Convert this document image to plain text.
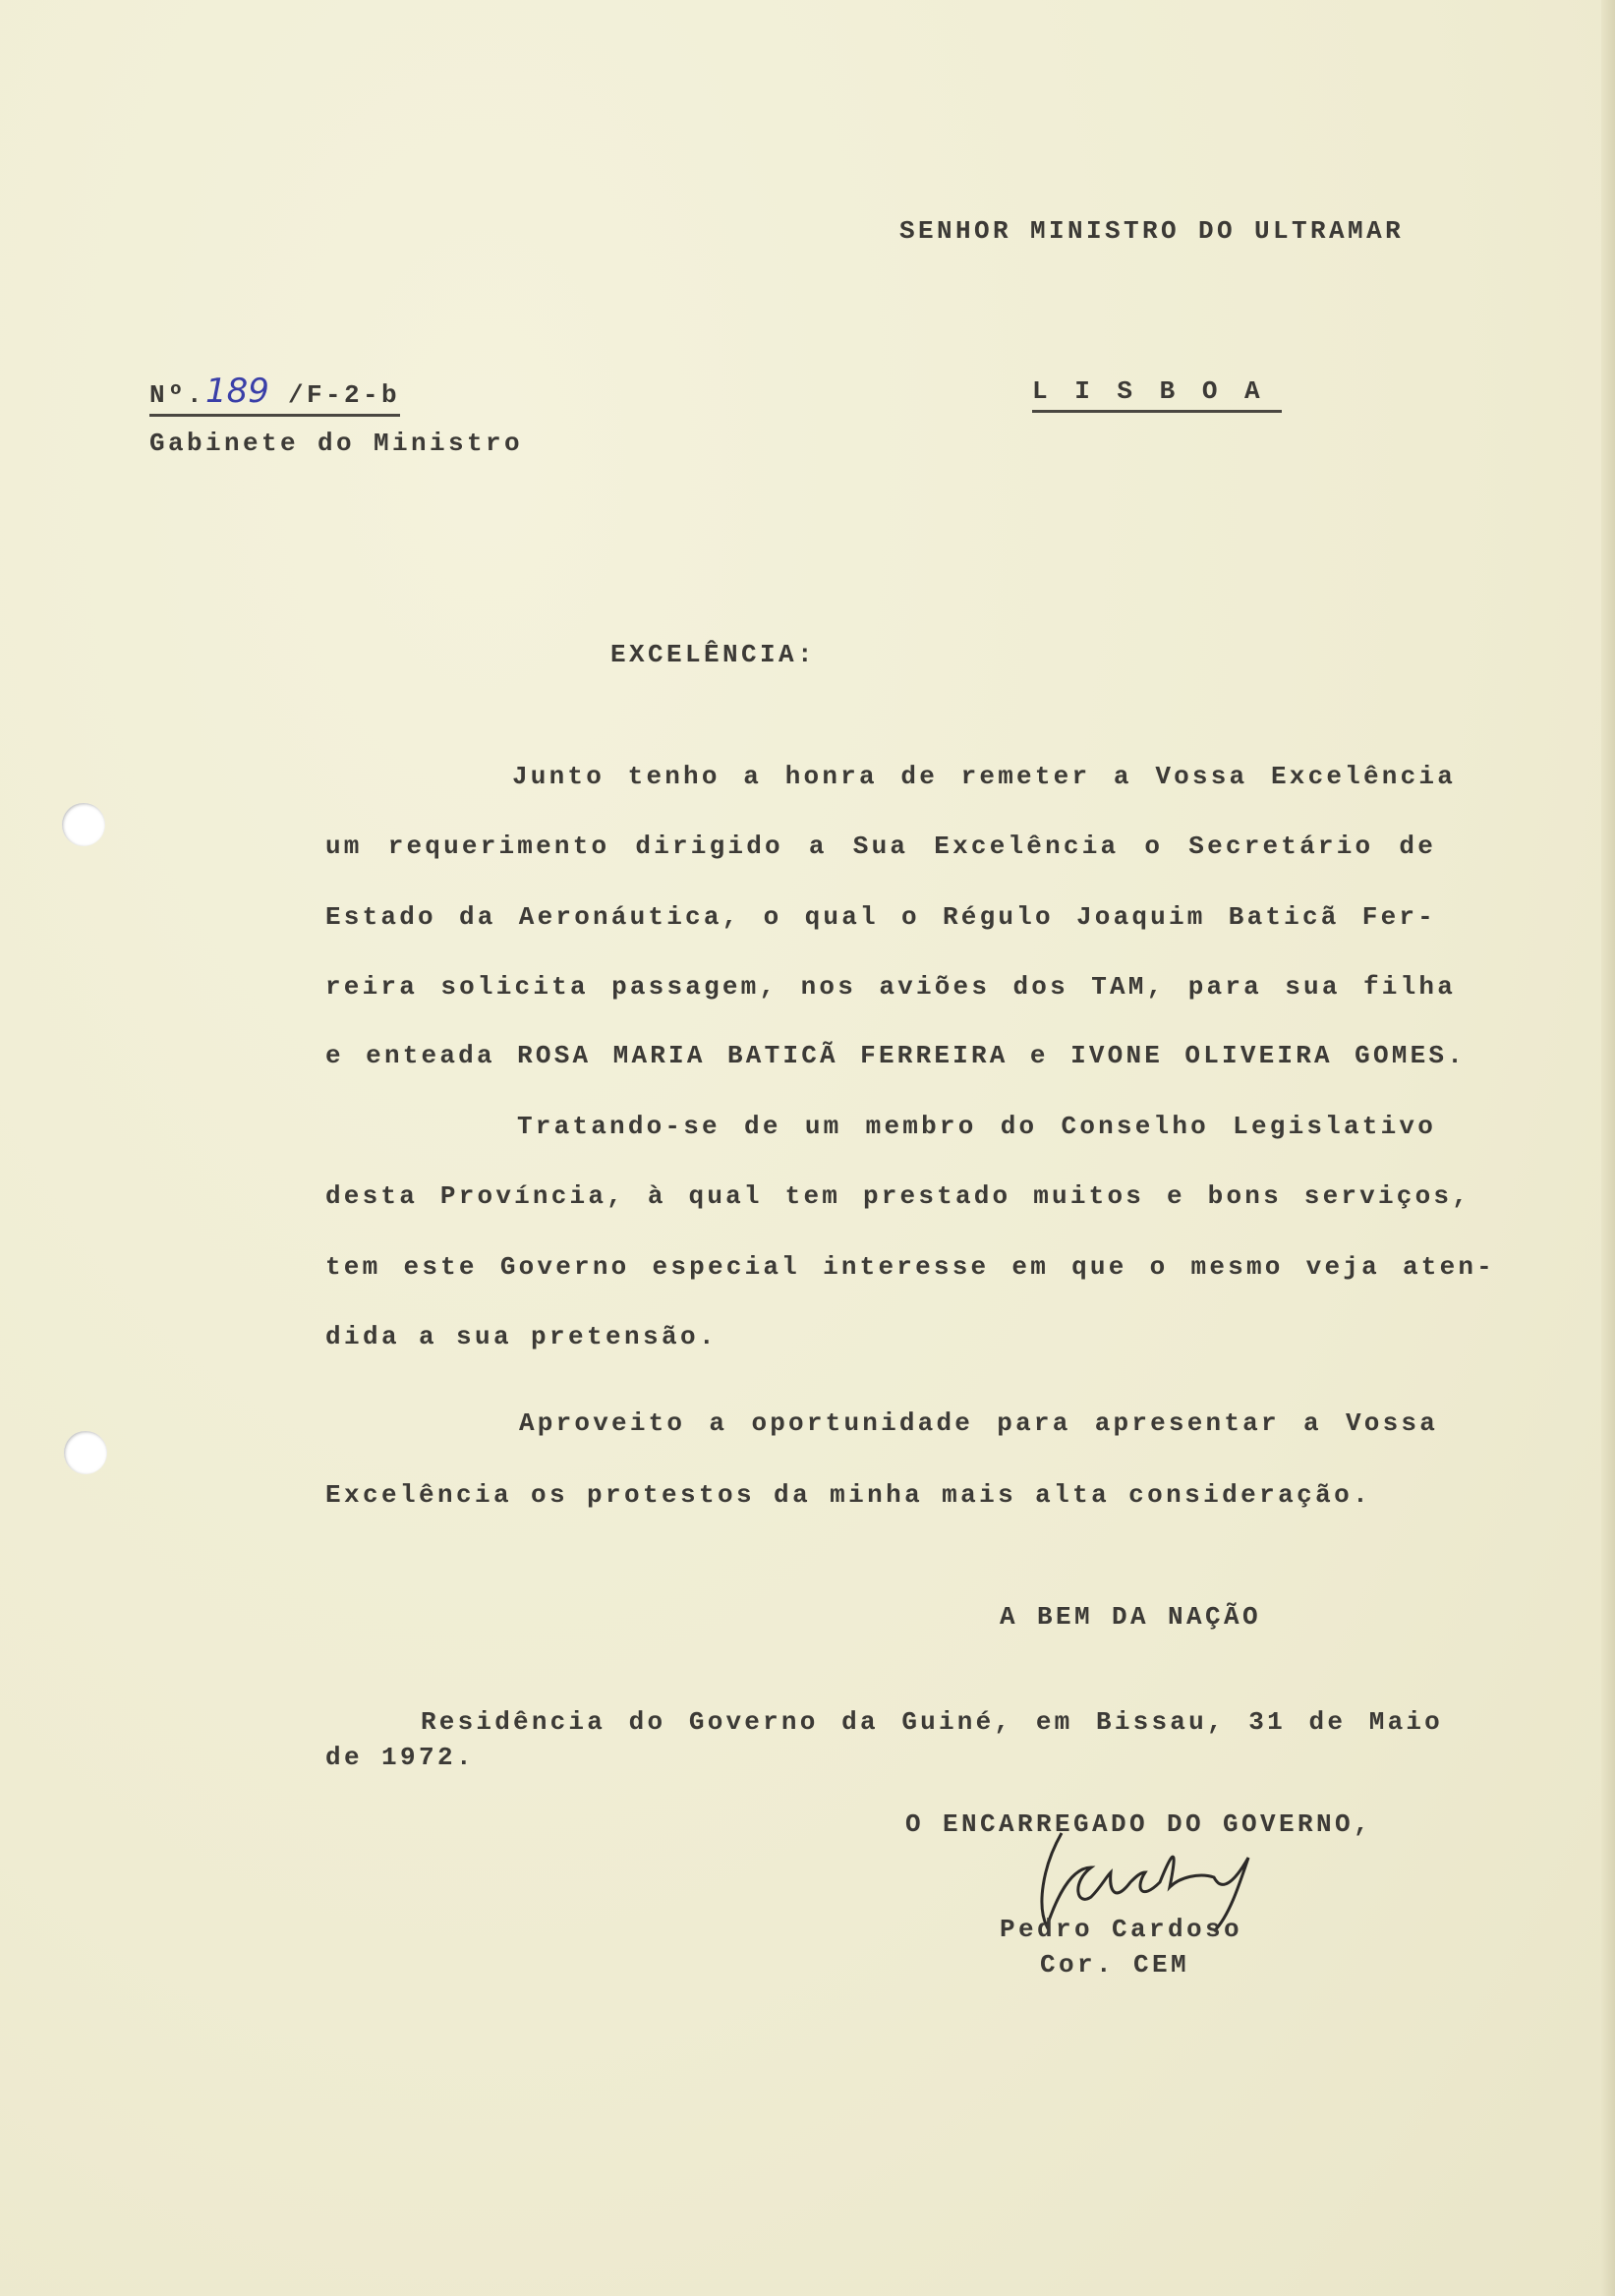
SENHOR MINISTRO DO ULTRAMAR
Nº.189 /F-2-b	L I S B O A
Gabinete do Ministro
EXCELÊNCIA:
Junto tenho a honra de remeter a Vossa Excelência
um requerimento dirigido a Sua Excelência o Secretário de
Estado da Aeronáutica, o qual o Régulo Joaquim Baticã Fer-
reira solicita passagem, nos aviões dos TAM, para sua filha
e enteada ROSA MARIA BATICÃ FERREIRA e IVONE OLIVEIRA GOMES.
Tratando-se de um membro do Conselho Legislativo
desta Província, à qual tem prestado muitos e bons serviços,
tem este Governo especial interesse em que o mesmo veja aten-
dida a sua pretensão.
Aproveito a oportunidade para apresentar a Vossa
Excelência os protestos da minha mais alta consideração.
A BEM DA NAÇÃO
Residência do Governo da Guiné, em Bissau, 31 de Maio
de 1972.
O ENCARREGADO DO GOVERNO,
Pedro Cardoso
Cor. CEM
